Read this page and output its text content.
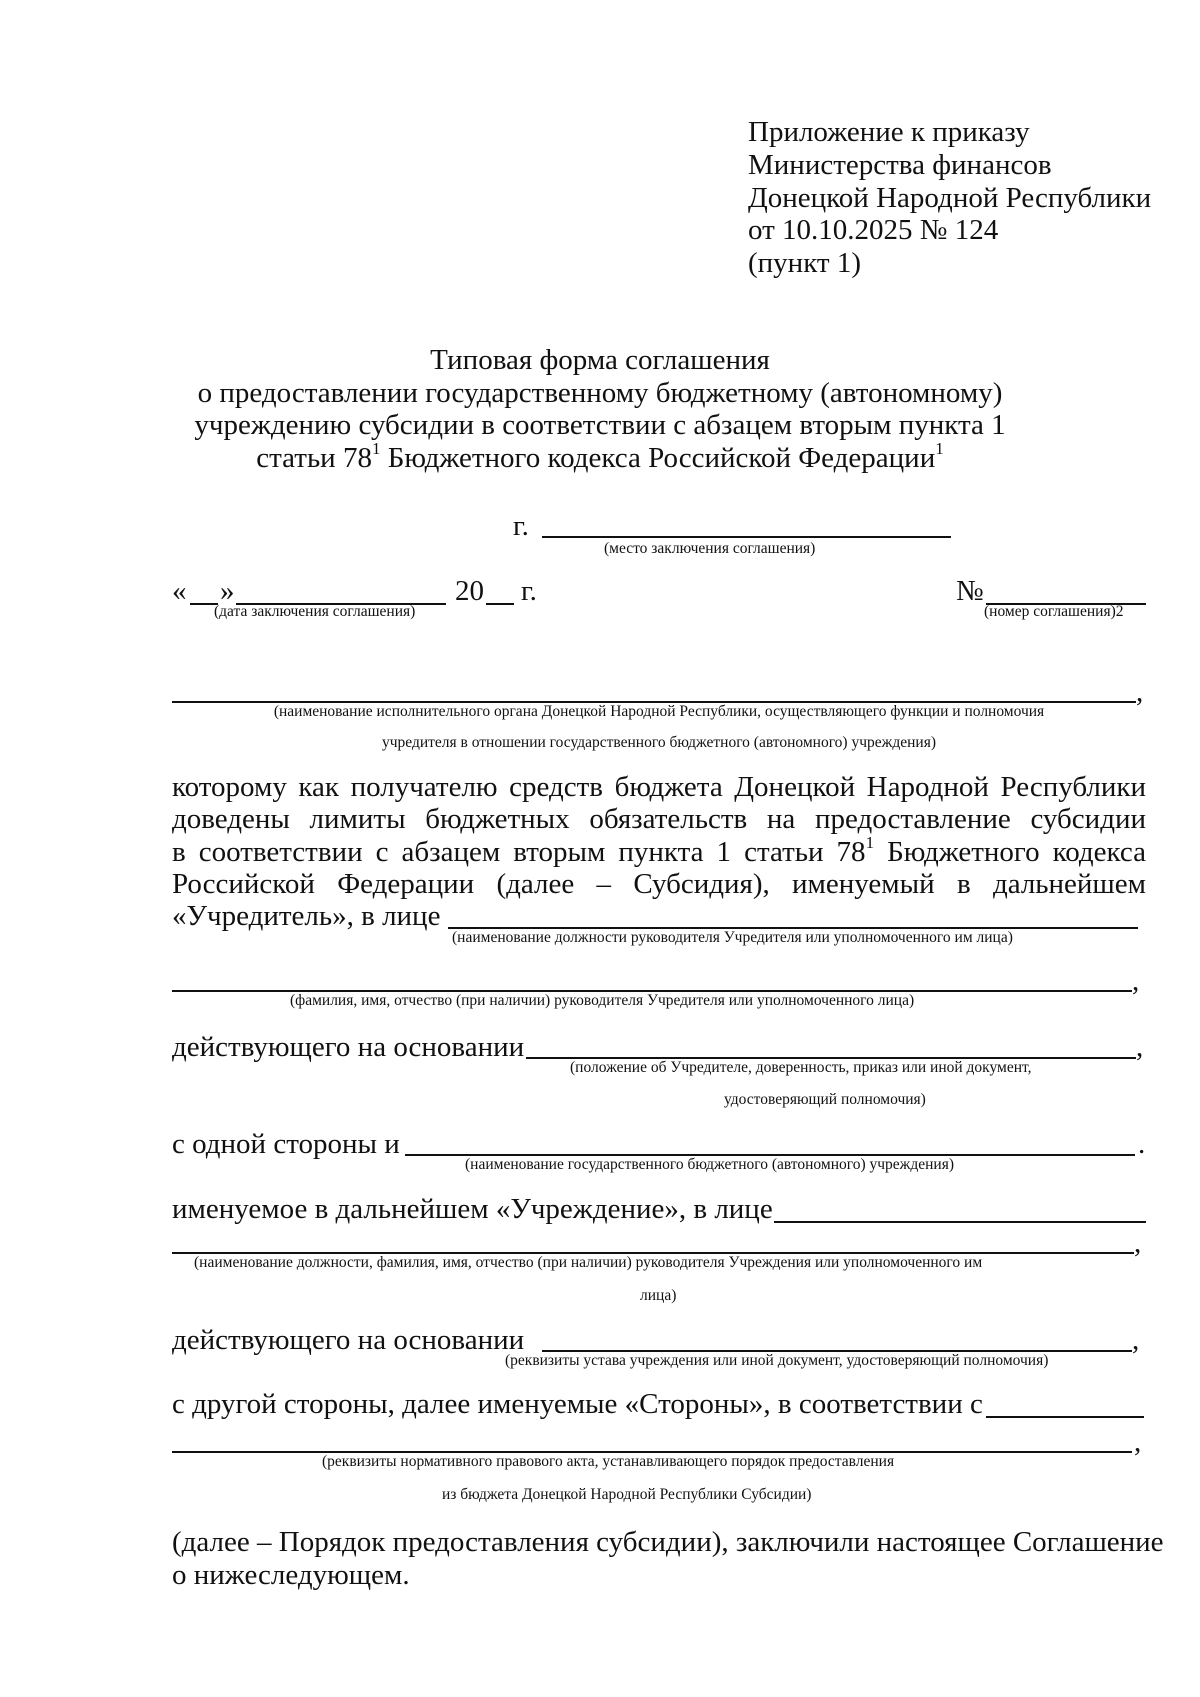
Приложение к приказу
Министерства финансов
Донецкой Народной Республики
от 10.10.2025 № 124
(пункт 1)
Типовая форма соглашения
о предоставлении государственному бюджетному (автономному)
учреждению субсидии в соответствии с абзацем вторым пункта 1
статьи $78^1$ Бюджетного кодекса Российской Федерации$^1$
г.
(место заключения соглашения)
« »	20 г.
(дата заключения соглашения)
№
(номер соглашения)2
,
(наименование исполнительного органа Донецкой Народной Республики, осуществляющего функции и полномочия
учредителя в отношении государственного бюджетного (автономного) учреждения)
которому как получателю средств бюджета Донецкой Народной Республики
доведены лимиты бюджетных обязательств на предоставление субсидии
в соответствии с абзацем вторым пункта 1 статьи $78^1$ Бюджетного кодекса
Российской Федерации (далее – Субсидия), именуемый в дальнейшем
«Учредитель», в лице
(наименование должности руководителя Учредителя или уполномоченного им лица)
,
(фамилия, имя, отчество (при наличии) руководителя Учредителя или уполномоченного лица)
действующего на основании	,
(положение об Учредителе, доверенность, приказ или иной документ,
удостоверяющий полномочия)
с одной стороны и	.
(наименование государственного бюджетного (автономного) учреждения)
именуемое в дальнейшем «Учреждение», в лице
,
(наименование должности, фамилия, имя, отчество (при наличии) руководителя Учреждения или уполномоченного им
лица)
действующего на основании	,
(реквизиты устава учреждения или иной документ, удостоверяющий полномочия)
с другой стороны, далее именуемые «Стороны», в соответствии с
,
(реквизиты нормативного правового акта, устанавливающего порядок предоставления
из бюджета Донецкой Народной Республики Субсидии)
(далее – Порядок предоставления субсидии), заключили настоящее Соглашение
о нижеследующем.
